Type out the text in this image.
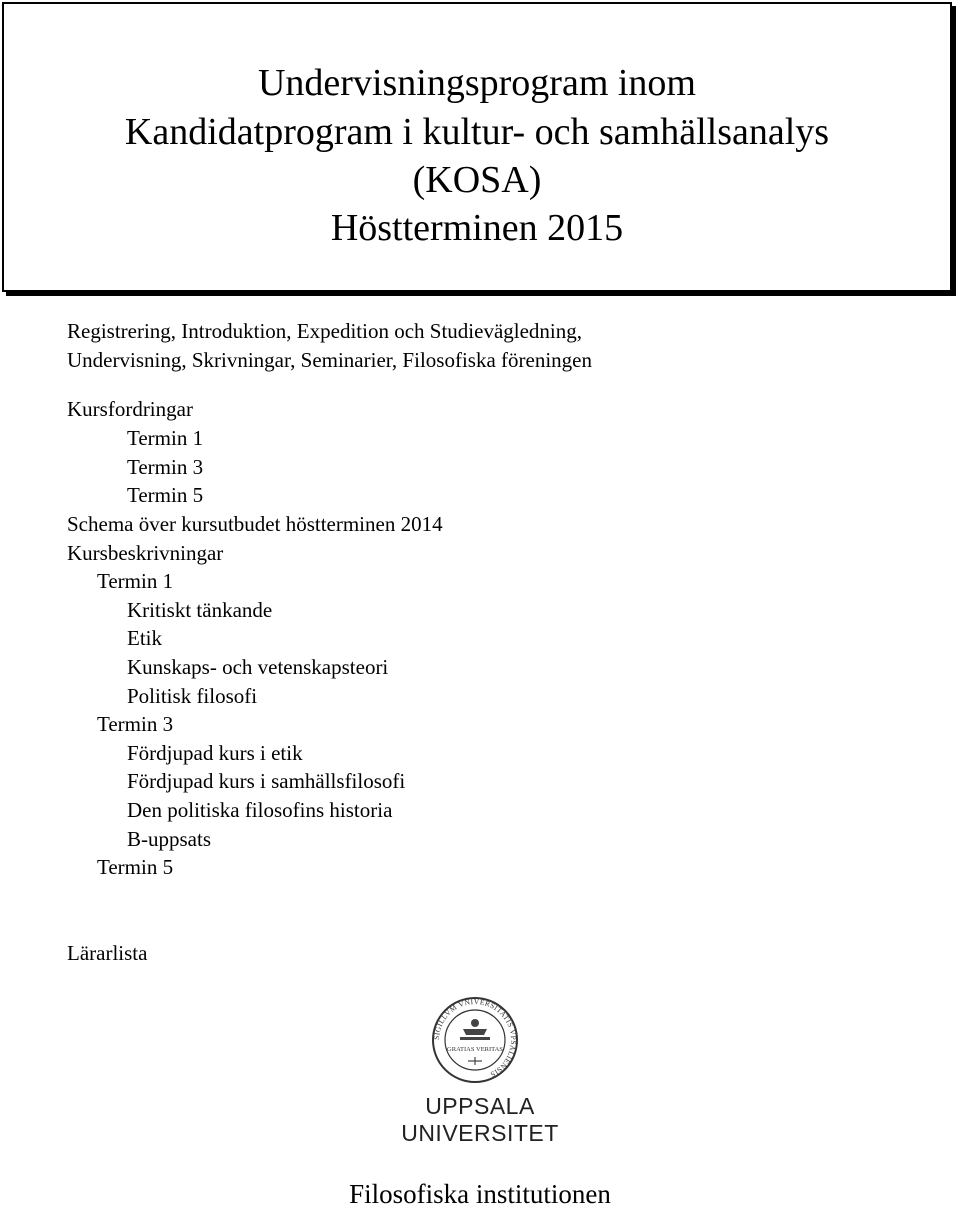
Undervisningsprogram inom
Kandidatprogram i kultur- och samhällsanalys
(KOSA)
Höstterminen 2015
Registrering, Introduktion, Expedition och Studievägledning,
Undervisning, Skrivningar, Seminarier, Filosofiska föreningen
Kursfordringar
Termin 1
Termin 3
Termin 5
Schema över kursutbudet höstterminen 2014
Kursbeskrivningar
Termin 1
Kritiskt tänkande
Etik
Kunskaps- och vetenskapsteori
Politisk filosofi
Termin 3
Fördjupad kurs i etik
Fördjupad kurs i samhällsfilosofi
Den politiska filosofins historia
B-uppsats
Termin 5
Lärarlista
SIGILLVM VNIVERSITATIS VPSALIENSIS
GRATIAS VERITAS
UPPSALA
UNIVERSITET
Filosofiska institutionen
